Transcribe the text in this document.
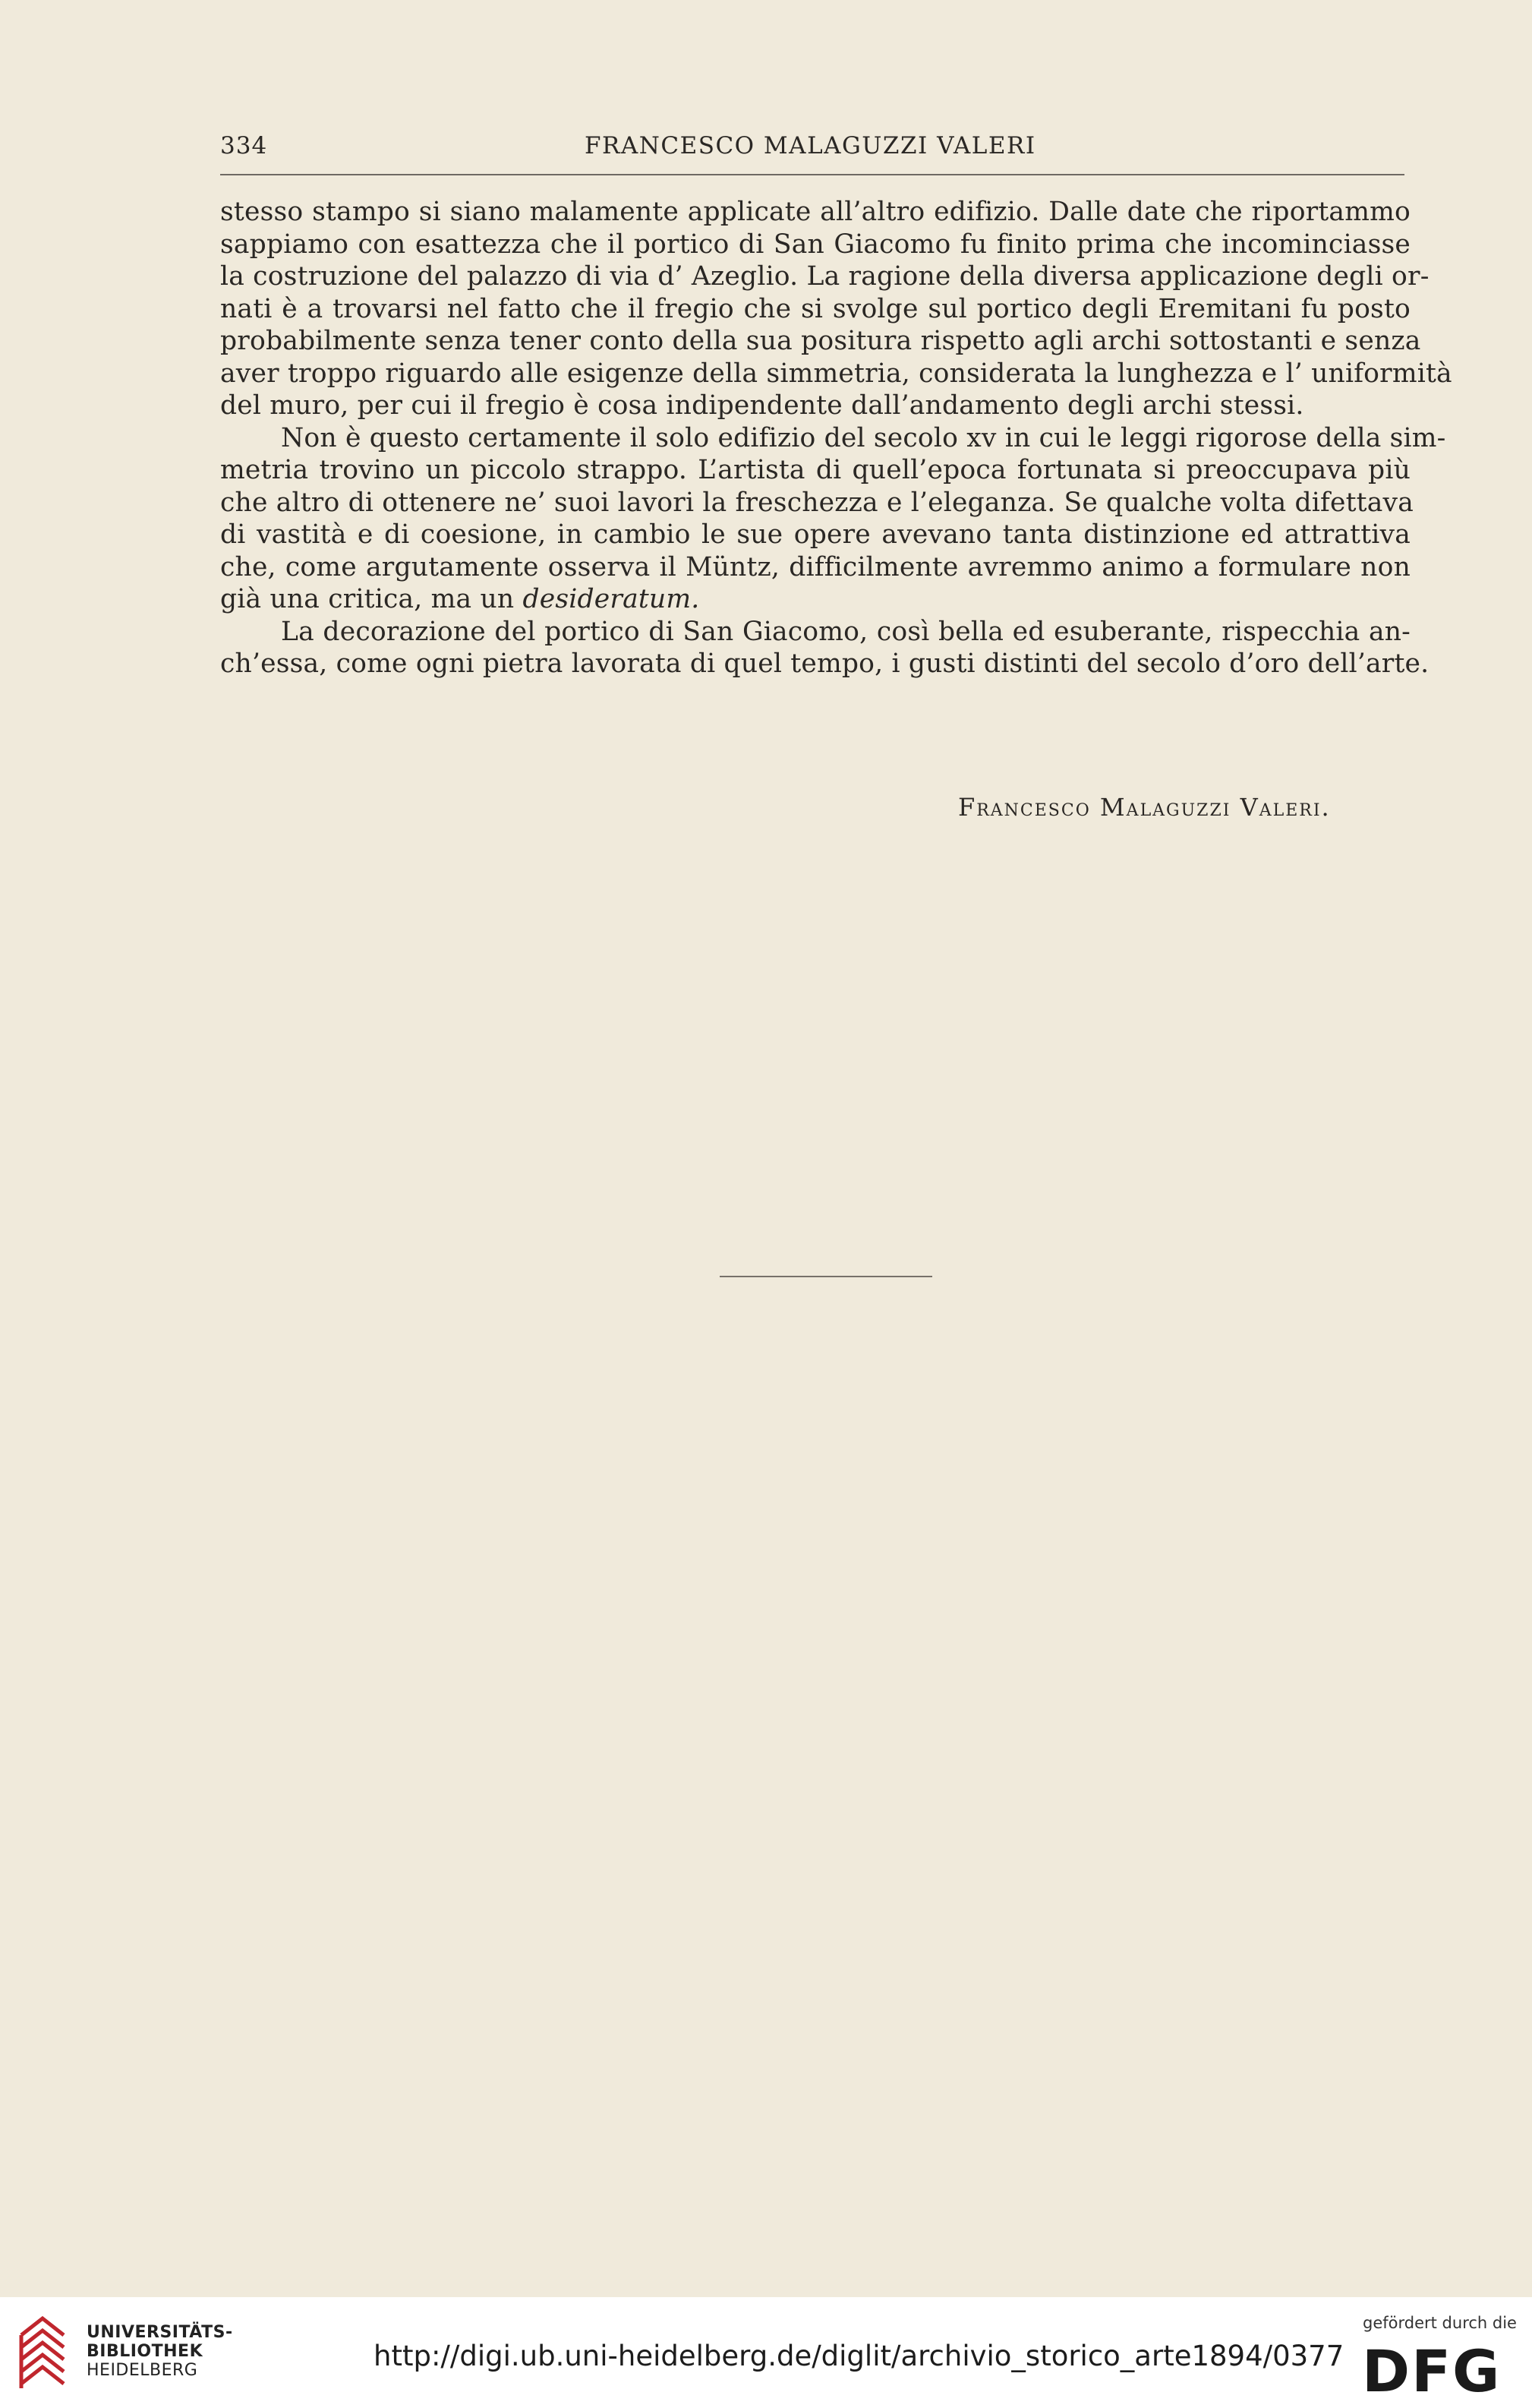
334	FRANCESCO MALAGUZZI VALERI

stesso stampo si siano malamente applicate all’altro edifizio. Dalle date che riportammo
sappiamo con esattezza che il portico di San Giacomo fu finito prima che incominciasse
la costruzione del palazzo di via d’ Azeglio. La ragione della diversa applicazione degli or-
nati è a trovarsi nel fatto che il fregio che si svolge sul portico degli Eremitani fu posto
probabilmente senza tener conto della sua positura rispetto agli archi sottostanti e senza
aver troppo riguardo alle esigenze della simmetria, considerata la lunghezza e l’ uniformità
del muro, per cui il fregio è cosa indipendente dall’andamento degli archi stessi.

Non è questo certamente il solo edifizio del secolo xv in cui le leggi rigorose della sim-
metria trovino un piccolo strappo. L’artista di quell’epoca fortunata si preoccupava più
che altro di ottenere ne’ suoi lavori la freschezza e l’eleganza. Se qualche volta difettava
di vastità e di coesione, in cambio le sue opere avevano tanta distinzione ed attrattiva
che, come argutamente osserva il Müntz, difficilmente avremmo animo a formulare non
già una critica, ma un desideratum.

La decorazione del portico di San Giacomo, così bella ed esuberante, rispecchia an-
ch’essa, come ogni pietra lavorata di quel tempo, i gusti distinti del secolo d’oro dell’arte.

Francesco Malaguzzi Valeri.
UNIVERSITÄTS-
BIBLIOTHEK
HEIDELBERG	http://digi.ub.uni-heidelberg.de/diglit/archivio_storico_arte1894/0377
gefördert durch die
DFG
